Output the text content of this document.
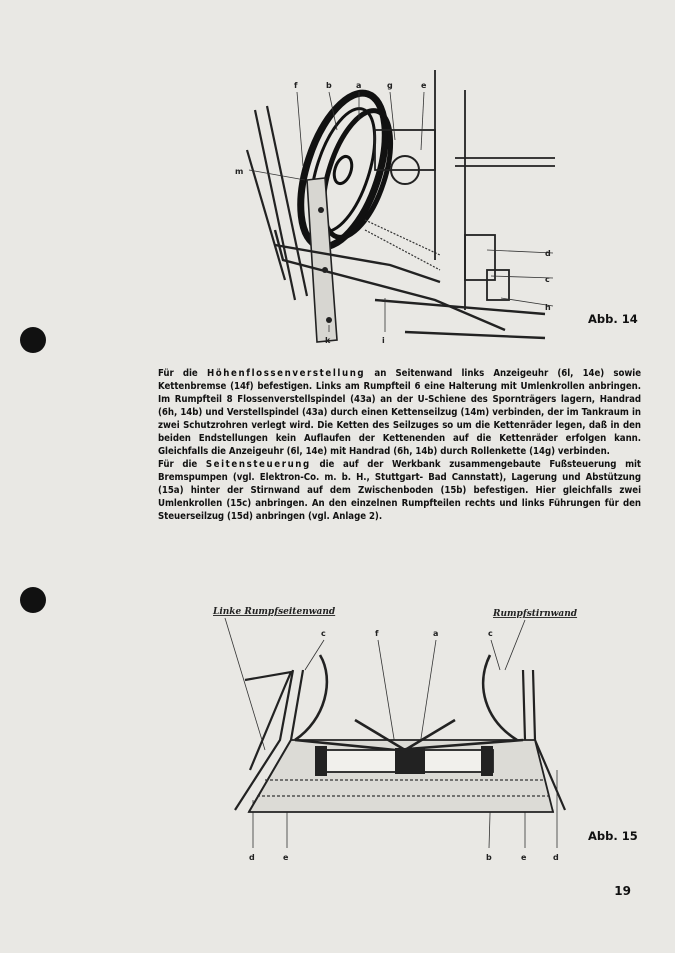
f	b	a	g	e
m
d
c
h
k	i
Abb. 14

Für die Höhenflossenverstellung an Seitenwand links Anzeigeuhr (6l, 14e) sowie Kettenbremse (14f) befestigen. Links am Rumpfteil 6 eine Halterung mit Umlenkrollen anbringen. Im Rumpfteil 8 Flossenverstellspindel (43a) an der U-Schiene des Spornträgers lagern, Handrad (6h, 14b) und Verstellspindel (43a) durch einen Kettenseilzug (14m) verbinden, der im Tankraum in zwei Schutzrohren verlegt wird. Die Ketten des Seilzuges so um die Kettenräder legen, daß in den beiden Endstellungen kein Auflaufen der Kettenenden auf die Kettenräder erfolgen kann. Gleichfalls die Anzeigeuhr (6l, 14e) mit Handrad (6h, 14b) durch Rollenkette (14g) verbinden.

Für die Seitensteuerung die auf der Werkbank zusammengebaute Fußsteuerung mit Bremspumpen (vgl. Elektron-Co. m. b. H., Stuttgart- Bad Cannstatt), Lagerung und Abstützung (15a) hinter der Stirnwand auf dem Zwischenboden (15b) befestigen. Hier gleichfalls zwei Umlenkrollen (15c) anbringen. An den einzelnen Rumpfteilen rechts und links Führungen für den Steuerseilzug (15d) anbringen (vgl. Anlage 2).

Linke Rumpfseitenwand	Rumpfstirnwand
c	f	a	c
d	e	b	e	d
Abb. 15
19
